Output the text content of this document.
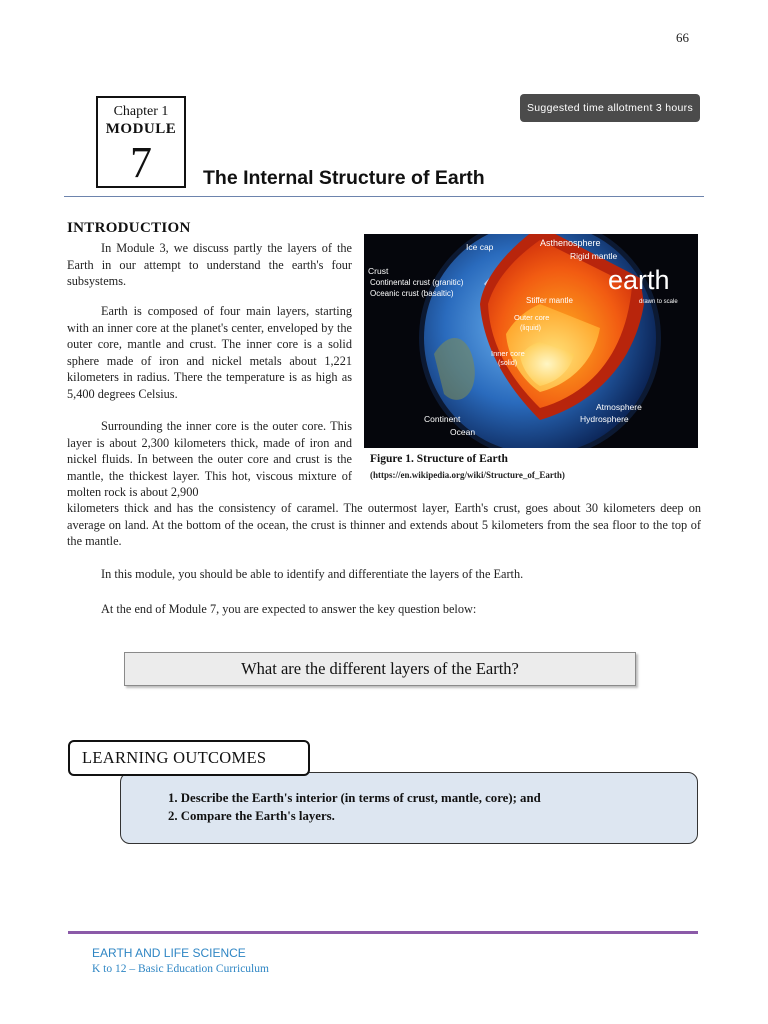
66
Chapter 1
MODULE
7
Suggested time allotment 3 hours
The Internal Structure of Earth
INTRODUCTION
In Module 3, we discuss partly the layers of the Earth in our attempt to understand the earth's four subsystems.
Earth is composed of four main layers, starting with an inner core at the planet's center, enveloped by the outer core, mantle and crust. The inner core is a solid sphere made of iron and nickel metals about 1,221 kilometers in radius. There the temperature is as high as 5,400 degrees Celsius.
Surrounding the inner core is the outer core. This layer is about 2,300 kilometers thick, made of iron and nickel fluids. In between the outer core and crust is the mantle, the thickest layer. This hot, viscous mixture of molten rock is about 2,900
kilometers thick and has the consistency of caramel. The outermost layer, Earth's crust, goes about 30 kilometers deep on average on land. At the bottom of the ocean, the crust is thinner and extends about 5 kilometers from the sea floor to the top of the mantle.
In this module, you should be able to identify and differentiate the layers of the Earth.
At the end of Module 7, you are expected to answer the key question below:
Ice cap	Asthenosphere
Rigid mantle
Crust
Continental crust (granitic)
Oceanic crust (basaltic)	earth
drawn to scale
Stiffer mantle
Outer core
(liquid)
Inner core
(solid)
Atmosphere
Hydrosphere
Continent
Ocean
Figure 1. Structure of Earth
(https://en.wikipedia.org/wiki/Structure_of_Earth)
What are the different layers of the Earth?
LEARNING OUTCOMES
1. Describe the Earth's interior (in terms of crust, mantle, core); and
2. Compare the Earth's layers.
EARTH AND LIFE SCIENCE
K to 12 – Basic Education Curriculum
